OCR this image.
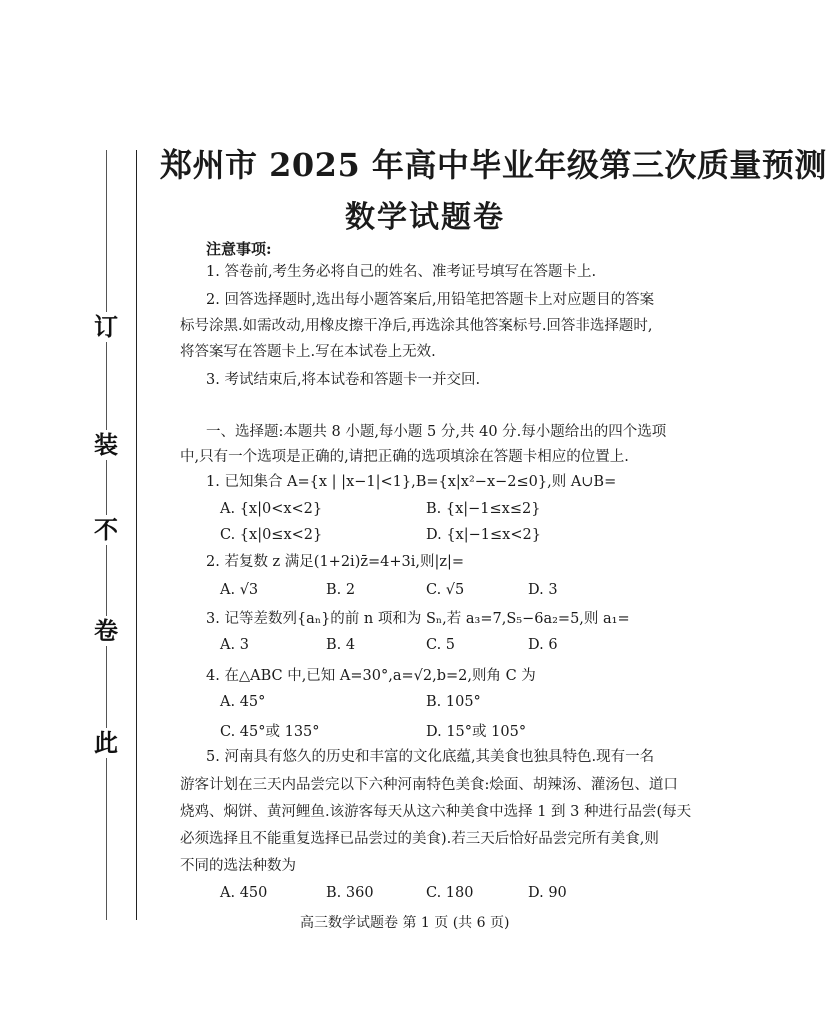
订
装
不
卷
此
郑州市 2025 年高中毕业年级第三次质量预测
数学试题卷
注意事项:
1. 答卷前,考生务必将自己的姓名、准考证号填写在答题卡上.
2. 回答选择题时,选出每小题答案后,用铅笔把答题卡上对应题目的答案
标号涂黑.如需改动,用橡皮擦干净后,再选涂其他答案标号.回答非选择题时,
将答案写在答题卡上.写在本试卷上无效.
3. 考试结束后,将本试卷和答题卡一并交回.
一、选择题:本题共 8 小题,每小题 5 分,共 40 分.每小题给出的四个选项
中,只有一个选项是正确的,请把正确的选项填涂在答题卡相应的位置上.
1. 已知集合 A={x | |x−1|<1},B={x|x²−x−2≤0},则 A∪B=
A. {x|0<x<2}	B. {x|−1≤x≤2}
C. {x|0≤x<2}	D. {x|−1≤x<2}
2. 若复数 z 满足(1+2i)z̄=4+3i,则|z|=
A. √3	B. 2	C. √5	D. 3
3. 记等差数列{aₙ}的前 n 项和为 Sₙ,若 a₃=7,S₅−6a₂=5,则 a₁=
A. 3	B. 4	C. 5	D. 6
4. 在△ABC 中,已知 A=30°,a=√2,b=2,则角 C 为
A. 45°	B. 105°
C. 45°或 135°	D. 15°或 105°
5. 河南具有悠久的历史和丰富的文化底蕴,其美食也独具特色.现有一名
游客计划在三天内品尝完以下六种河南特色美食:烩面、胡辣汤、灌汤包、道口
烧鸡、焖饼、黄河鲤鱼.该游客每天从这六种美食中选择 1 到 3 种进行品尝(每天
必须选择且不能重复选择已品尝过的美食).若三天后恰好品尝完所有美食,则
不同的选法种数为
A. 450	B. 360	C. 180	D. 90
高三数学试题卷 第 1 页 (共 6 页)
